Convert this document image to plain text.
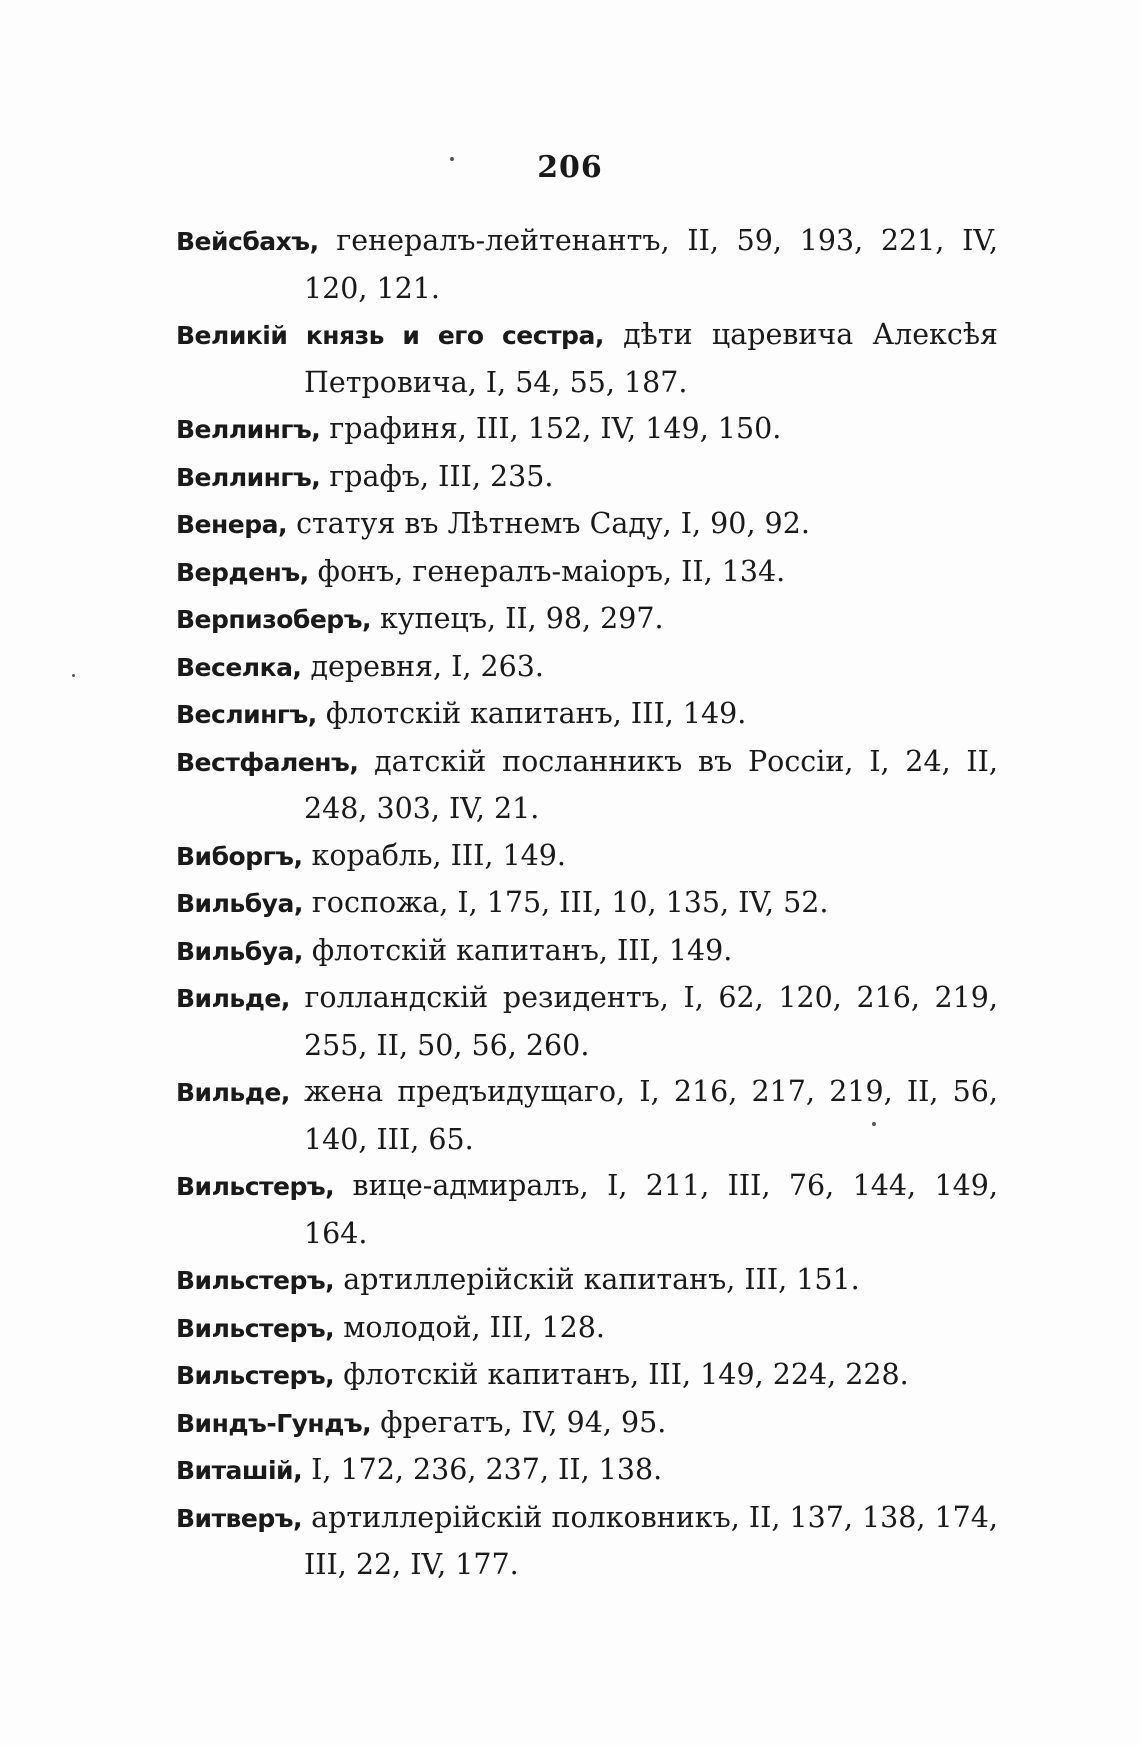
206

Вейсбахъ, генералъ-лейтенантъ, II, 59, 193, 221, IV, 120, 121.

Великій князь и его сестра, дѣти царевича Алексѣя Петровича, I, 54, 55, 187.

Веллингъ, графиня, III, 152, IV, 149, 150.

Веллингъ, графъ, III, 235.

Венера, статуя въ Лѣтнемъ Саду, I, 90, 92.

Верденъ, фонъ, генералъ-маіоръ, II, 134.

Верпизоберъ, купецъ, II, 98, 297.

Веселка, деревня, I, 263.

Веслингъ, флотскій капитанъ, III, 149.

Вестфаленъ, датскій посланникъ въ Россіи, I, 24, II, 248, 303, IV, 21.

Виборгъ, корабль, III, 149.

Вильбуа, госпожа, I, 175, III, 10, 135, IV, 52.

Вильбуа, флотскій капитанъ, III, 149.

Вильде, голландскій резидентъ, I, 62, 120, 216, 219, 255, II, 50, 56, 260.

Вильде, жена предъидущаго, I, 216, 217, 219, II, 56, 140, III, 65.

Вильстеръ, вице-адмиралъ, I, 211, III, 76, 144, 149, 164.

Вильстеръ, артиллерійскій капитанъ, III, 151.

Вильстеръ, молодой, III, 128.

Вильстеръ, флотскій капитанъ, III, 149, 224, 228.

Виндъ-Гундъ, фрегатъ, IV, 94, 95.

Виташій, I, 172, 236, 237, II, 138.

Витверъ, артиллерійскій полковникъ, II, 137, 138, 174, III, 22, IV, 177.
